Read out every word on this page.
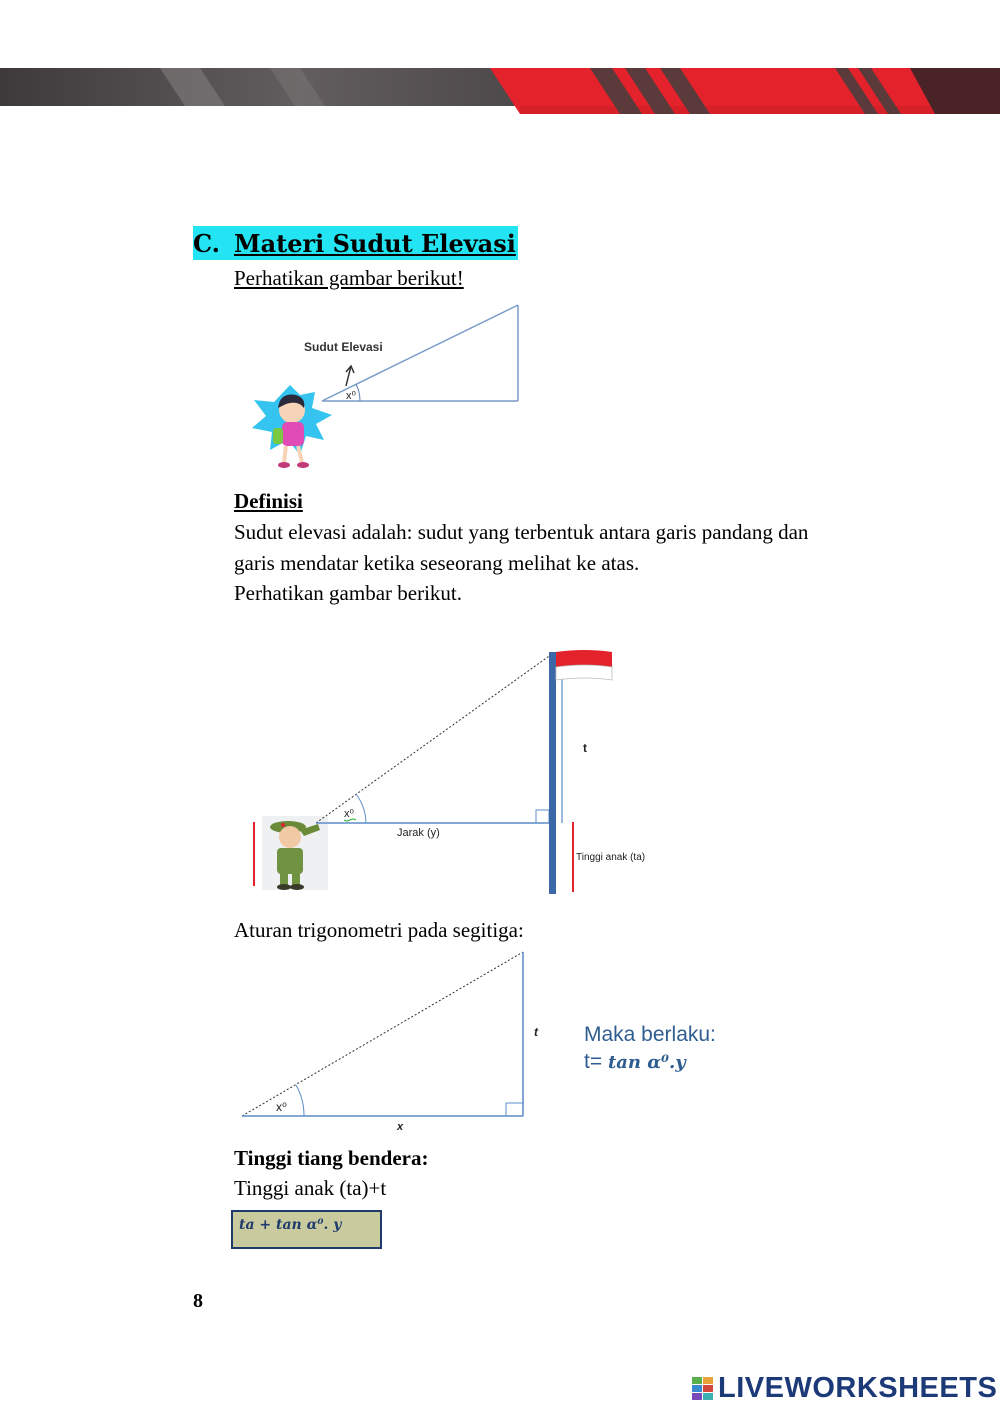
C. Materi Sudut Elevasi
Perhatikan gambar berikut!
Sudut Elevasi
x⁰
Definisi
Sudut elevasi adalah: sudut yang terbentuk antara garis pandang dan
garis mendatar ketika seseorang melihat ke atas.
Perhatikan gambar berikut.
x⁰
t
Jarak (y)
Tinggi anak (ta)
Aturan trigonometri pada segitiga:
x⁰
t
x
Maka berlaku:
t= tan α⁰.y
Tinggi tiang bendera:
Tinggi anak (ta)+t
ta + tan α⁰. y
8
LIVEWORKSHEETS
